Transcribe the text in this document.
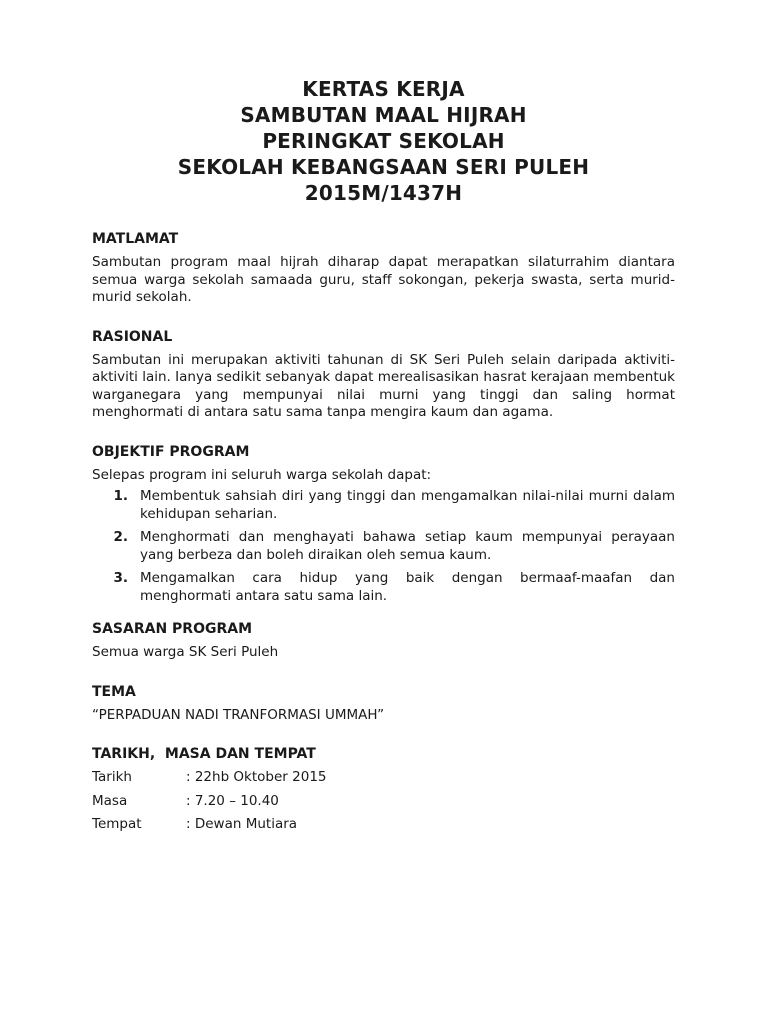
KERTAS KERJA
SAMBUTAN MAAL HIJRAH
PERINGKAT SEKOLAH
SEKOLAH KEBANGSAAN SERI PULEH
2015M/1437H
MATLAMAT

Sambutan program maal hijrah diharap dapat merapatkan silaturrahim diantara semua warga sekolah samaada guru, staff sokongan, pekerja swasta, serta murid-murid sekolah.

RASIONAL

Sambutan ini merupakan aktiviti tahunan di SK Seri Puleh selain daripada aktiviti-aktiviti lain. Ianya sedikit sebanyak dapat merealisasikan hasrat kerajaan membentuk warganegara yang mempunyai nilai murni yang tinggi dan saling hormat menghormati di antara satu sama tanpa mengira kaum dan agama.

OBJEKTIF PROGRAM

Selepas program ini seluruh warga sekolah dapat:

1. Membentuk sahsiah diri yang tinggi dan mengamalkan nilai-nilai murni dalam kehidupan seharian.
2. Menghormati dan menghayati bahawa setiap kaum mempunyai perayaan yang berbeza dan boleh diraikan oleh semua kaum.
3. Mengamalkan cara hidup yang baik dengan bermaaf-maafan dan menghormati antara satu sama lain.
SASARAN PROGRAM

Semua warga SK Seri Puleh

TEMA

“PERPADUAN NADI TRANFORMASI UMMAH”

TARIKH,  MASA DAN TEMPAT
Tarikh	: 22hb Oktober 2015
Masa	: 7.20 – 10.40
Tempat	: Dewan Mutiara
